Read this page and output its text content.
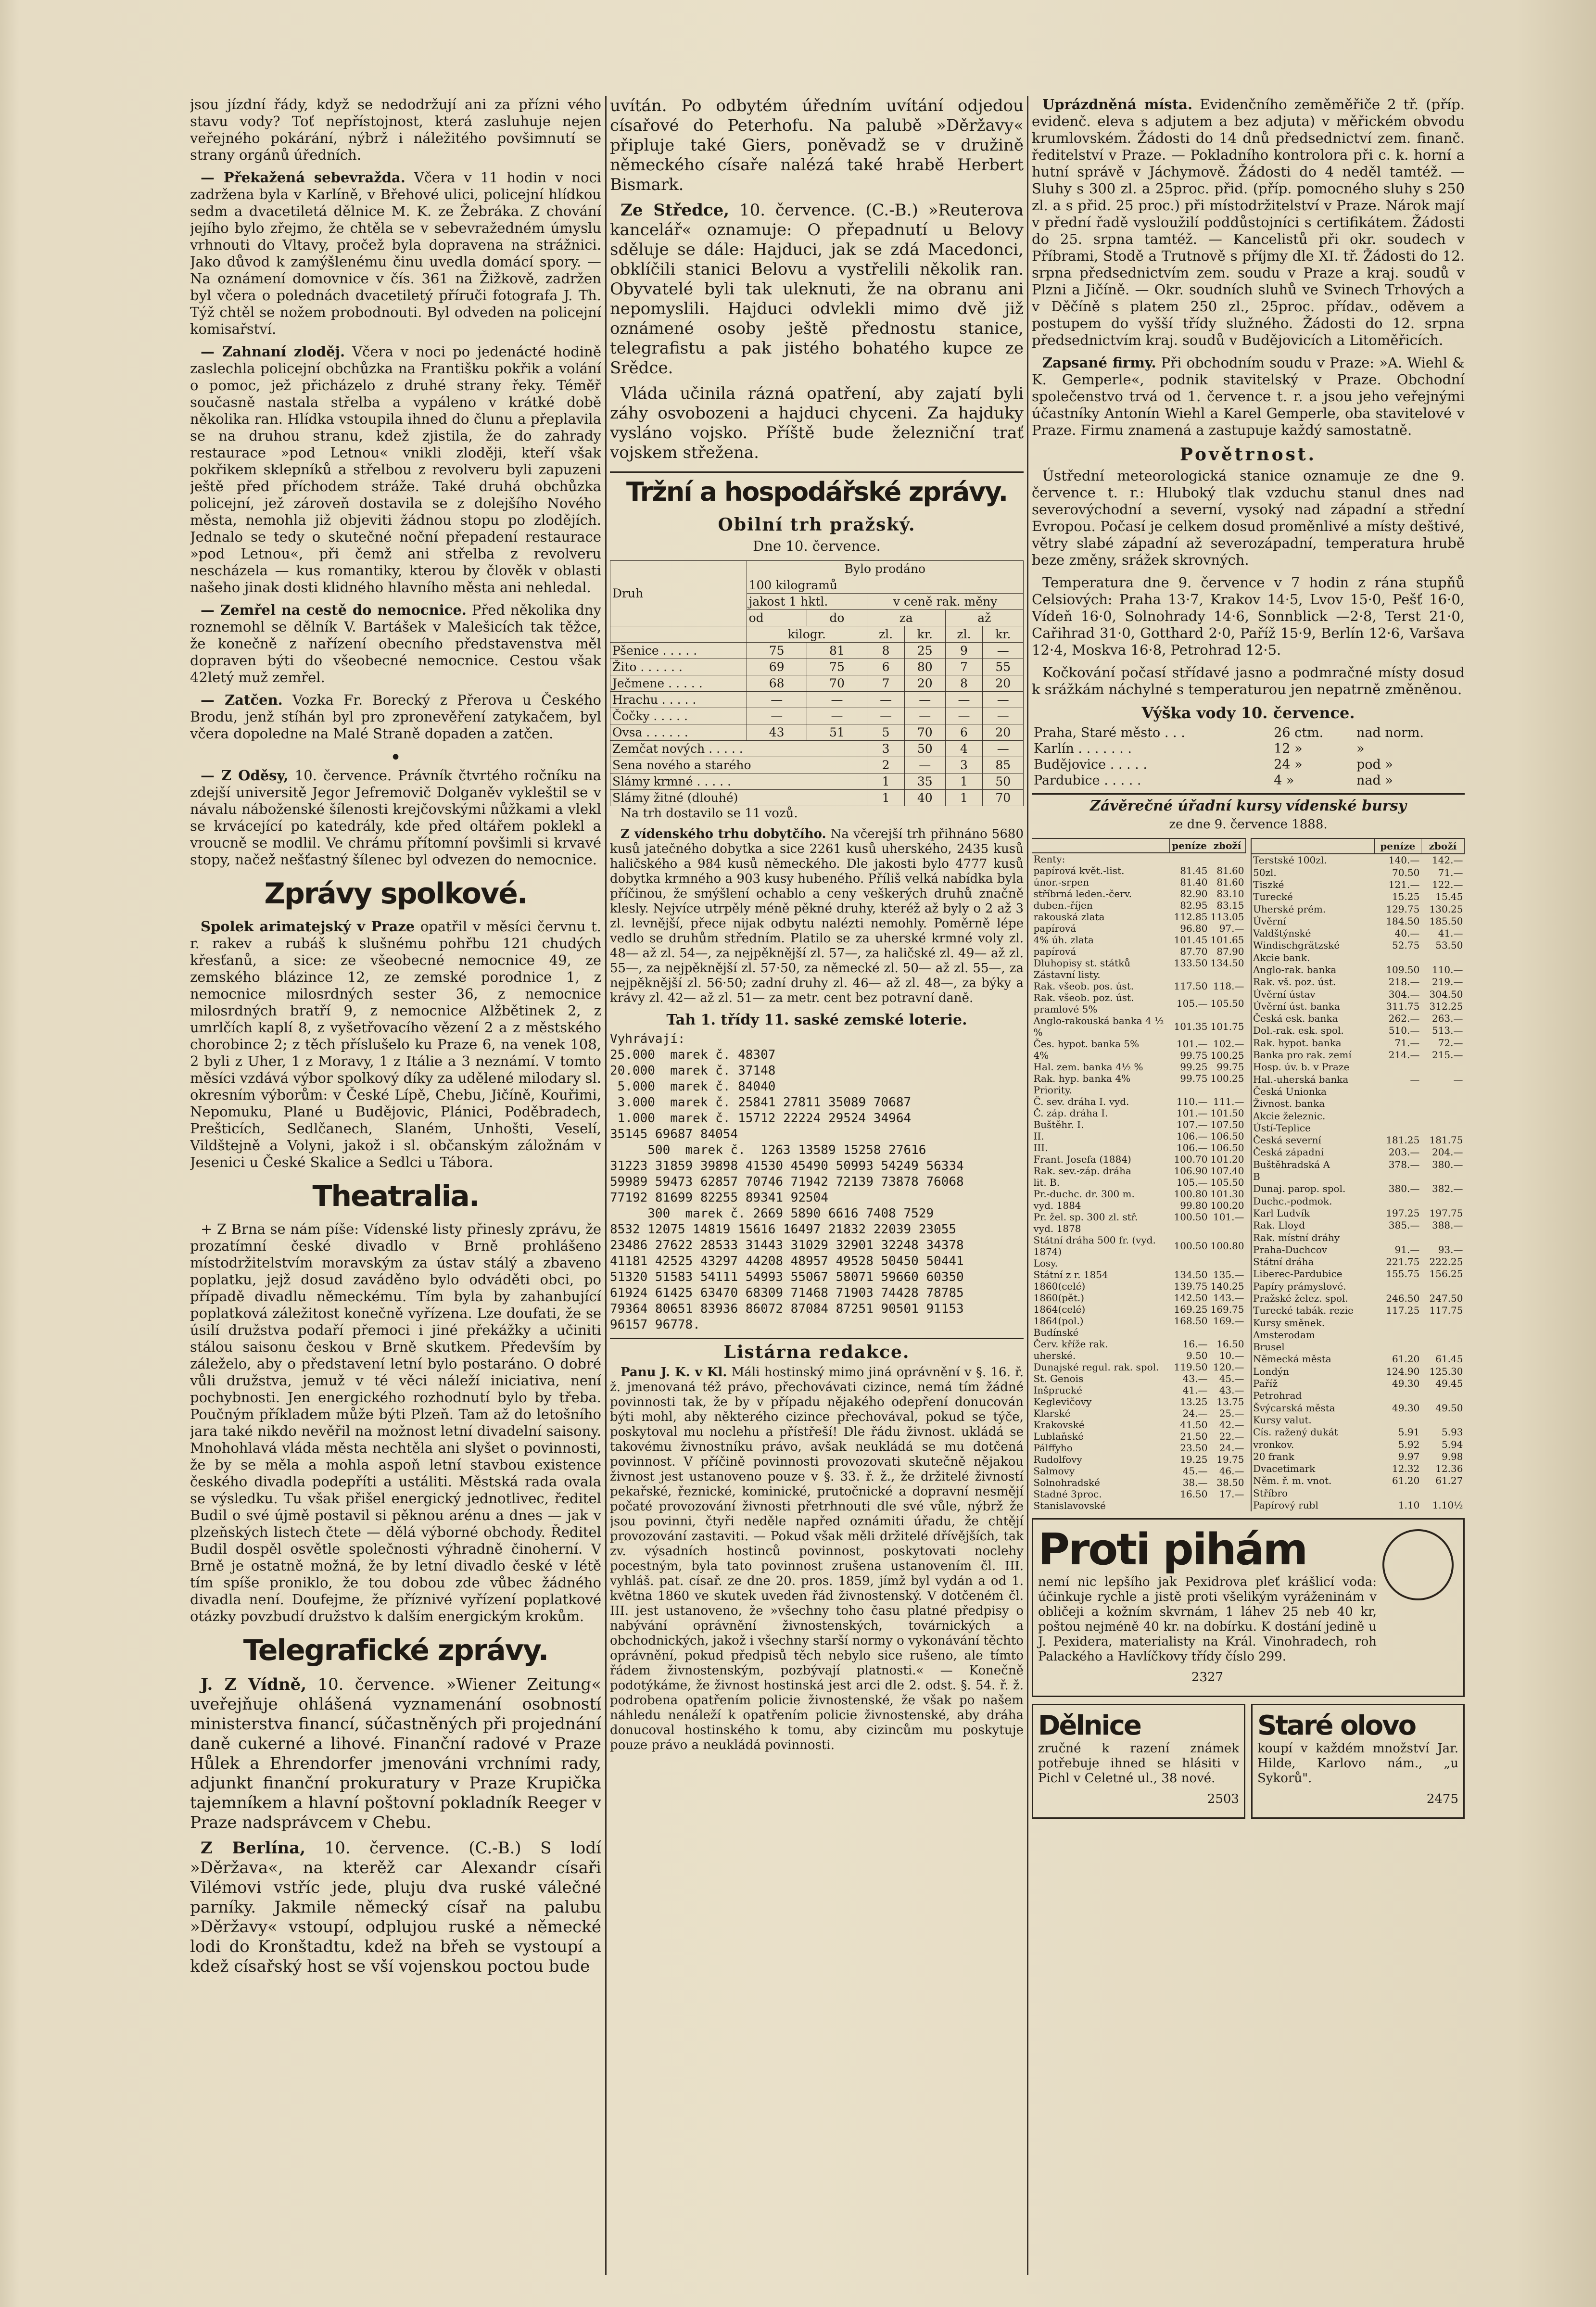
jsou jízdní řády, když se nedodržují ani za přízni vého stavu vody? Toť nepřístojnost, která zasluhuje nejen veřejného pokárání, nýbrž i náležitého povšimnutí se strany orgánů úředních.

— Překažená sebevražda. Včera v 11 hodin v noci zadržena byla v Karlíně, v Břehové ulici, policejní hlídkou sedm a dvacetiletá dělnice M. K. ze Žebráka. Z chování jejího bylo zřejmo, že chtěla se v sebevražedném úmyslu vrhnouti do Vltavy, pročež byla dopravena na strážnici. Jako důvod k zamýšlenému činu uvedla domácí spory. — Na oznámení domovnice v čís. 361 na Žižkově, zadržen byl včera o polednách dvacetiletý příruči fotografa J. Th. Týž chtěl se nožem probodnouti. Byl odveden na policejní komisařství.

— Zahnaní zloděj. Včera v noci po jedenácté hodině zaslechla policejní obchůzka na Františku pokřik a volání o pomoc, jež přicházelo z druhé strany řeky. Téměř současně nastala střelba a vypáleno v krátké době několika ran. Hlídka vstoupila ihned do člunu a přeplavila se na druhou stranu, kdež zjistila, že do zahrady restaurace »pod Letnou« vnikli zloději, kteří však pokřikem sklepníků a střelbou z revolveru byli zapuzeni ještě před příchodem stráže. Také druhá obchůzka policejní, jež zároveň dostavila se z dolejšího Nového města, nemohla již objeviti žádnou stopu po zlodějích. Jednalo se tedy o skutečné noční přepadení restaurace »pod Letnou«, při čemž ani střelba z revolveru nescházela — kus romantiky, kterou by člověk v oblasti našeho jinak dosti klidného hlavního města ani nehledal.

— Zemřel na cestě do nemocnice. Před několika dny roznemohl se dělník V. Bartášek v Malešicích tak těžce, že konečně z nařízení obecního představenstva měl dopraven býti do všeobecné nemocnice. Cestou však 42letý muž zemřel.

— Zatčen. Vozka Fr. Borecký z Přerova u Českého Brodu, jenž stíhán byl pro zpronevěření zatykačem, byl včera dopoledne na Malé Straně dopaden a zatčen.

•

— Z Oděsy, 10. července. Právník čtvrtého ročníku na zdejší universitě Jegor Jefremovič Dolganěv vykleštil se v návalu náboženské šílenosti krejčovskými nůžkami a vlekl se krvácející po katedrály, kde před oltářem poklekl a vroucně se modlil. Ve chrámu přítomní povšimli si krvavé stopy, načež nešťastný šílenec byl odvezen do nemocnice.

Zprávy spolkové.

Spolek arimatejský v Praze opatřil v měsíci červnu t. r. rakev a rubáš k slušnému pohřbu 121 chudých křesťanů, a sice: ze všeobecné nemocnice 49, ze zemského blázince 12, ze zemské porodnice 1, z nemocnice milosrdných sester 36, z nemocnice milosrdných bratří 9, z nemocnice Alžbětinek 2, z umrlčích kaplí 8, z vyšetřovacího vězení 2 a z městského chorobince 2; z těch příslušelo ku Praze 6, na venek 108, 2 byli z Uher, 1 z Moravy, 1 z Itálie a 3 neznámí. V tomto měsíci vzdává výbor spolkový díky za udělené milodary sl. okresním výborům: v České Lípě, Chebu, Jičíně, Kouřimi, Nepomuku, Plané u Budějovic, Plánici, Poděbradech, Prešticích, Sedlčanech, Slaném, Unhošti, Veselí, Vildštejně a Volyni, jakož i sl. občanským záložnám v Jesenici u České Skalice a Sedlci u Tábora.

Theatralia.

+ Z Brna se nám píše: Vídenské listy přinesly zprávu, že prozatímní české divadlo v Brně prohlášeno místodržitelstvím moravským za ústav stálý a zbaveno poplatku, jejž dosud zaváděno bylo odváděti obci, po případě divadlu německému. Tím byla by zahanbující poplatková záležitost konečně vyřízena. Lze doufati, že se úsilí družstva podaří přemoci i jiné překážky a učiniti stálou saisonu českou v Brně skutkem. Především by záleželo, aby o představení letní bylo postaráno. O dobré vůli družstva, jemuž v té věci náleží iniciativa, není pochybnosti. Jen energického rozhodnutí bylo by třeba. Poučným příkladem může býti Plzeň. Tam až do letošního jara také nikdo nevěřil na možnost letní divadelní saisony. Mnohohlavá vláda města nechtěla ani slyšet o povinnosti, že by se měla a mohla aspoň letní stavbou existence českého divadla podepříti a ustáliti. Městská rada ovala se výsledku. Tu však přišel energický jednotlivec, ředitel Budil o své újmě postavil si pěknou arénu a dnes — jak v plzeňských listech čtete — dělá výborné obchody. Ředitel Budil dospěl osvětle společnosti výhradně činoherní. V Brně je ostatně možná, že by letní divadlo české v létě tím spíše proniklo, že tou dobou zde vůbec žádného divadla není. Doufejme, že příznivé vyřízení poplatkové otázky povzbudí družstvo k dalším energickým krokům.

Telegrafické zprávy.

J. Z Vídně, 10. července. »Wiener Zeitung« uveřejňuje ohlášená vyznamenání osobností ministerstva financí, súčastněných při projednání daně cukerné a lihové. Finanční radové v Praze Hůlek a Ehrendorfer jmenováni vrchními rady, adjunkt finanční prokuratury v Praze Krupička tajemníkem a hlavní poštovní pokladník Reeger v Praze nadsprávcem v Chebu.

Z Berlína, 10. července. (C.-B.) S lodí »Děržava«, na kterěž car Alexandr císaři Vilémovi vstříc jede, pluju dva ruské válečné parníky. Jakmile německý císař na palubu »Děržavy« vstoupí, odplujou ruské a německé lodi do Kronštadtu, kdež na břeh se vystoupí a kdež císařský host se vší vojenskou poctou bude

uvítán. Po odbytém úředním uvítání odjedou císařové do Peterhofu. Na palubě »Děržavy« připluje také Giers, poněvadž se v družině německého císaře nalézá také hrabě Herbert Bismark.

Ze Středce, 10. července. (C.-B.) »Reuterova kancelář« oznamuje: O přepadnutí u Belovy sděluje se dále: Hajduci, jak se zdá Macedonci, obklíčili stanici Belovu a vystřelili několik ran. Obyvatelé byli tak uleknuti, že na obranu ani nepomyslili. Hajduci odvlekli mimo dvě již oznámené osoby ještě přednostu stanice, telegrafistu a pak jistého bohatého kupce ze Srědce.

Vláda učinila rázná opatření, aby zajatí byli záhy osvobozeni a hajduci chyceni. Za hajduky vysláno vojsko. Příště bude železniční trať vojskem střežena.

Tržní a hospodářské zprávy.
Obilní trh pražský.

Dne 10. července.

Druh	Bylo prodáno					
	100 kilogramů					
	jakost 1 hktl.		v ceně rak. měny			
	od	do	za		až	
	kilogr.		zl.	kr.	zl.	kr.
Pšenice . . . . .	75	81	8	25	9	—
Žito . . . . . .	69	75	6	80	7	55
Ječmene . . . . .	68	70	7	20	8	20
Hrachu . . . . .	—	—	—	—	—	—
Čočky . . . . .	—	—	—	—	—	—
Ovsa . . . . . .	43	51	5	70	6	20
Zemčat nových . . . . .			3	50	4	—
Sena nového a starého			2	—	3	85
Slámy krmné . . . . .			1	35	1	50
Slámy žitné (dlouhé)			1	40	1	70

Na trh dostavilo se 11 vozů.

Z vídenského trhu dobytčího. Na včerejší trh přihnáno 5680 kusů jatečného dobytka a sice 2261 kusů uherského, 2435 kusů haličského a 984 kusů německého. Dle jakosti bylo 4777 kusů dobytka krmného a 903 kusy hubeného. Příliš velká nabídka byla příčinou, že smýšlení ochablo a ceny veškerých druhů značně klesly. Nejvíce utrpěly méně pěkné druhy, kteréž až byly o 2 až 3 zl. levnější, přece nijak odbytu nalézti nemohly. Poměrně lépe vedlo se druhům středním. Platilo se za uherské krmné voly zl. 48— až zl. 54—, za nejpěknější zl. 57—, za haličské zl. 49— až zl. 55—, za nejpěknější zl. 57·50, za německé zl. 50— až zl. 55—, za nejpěknější zl. 56·50; zadní druhy zl. 46— až zl. 48—, za býky a krávy zl. 42— až zl. 51— za metr. cent bez potravní daně.

Tah 1. třídy 11. saské zemské loterie.
Vyhrávají:
25.000  marek č. 48307
20.000  marek č. 37148
5.000  marek č. 84040
3.000  marek č. 25841 27811 35089 70687
1.000  marek č. 15712 22224 29524 34964
35145 69687 84054
500  marek č.  1263 13589 15258 27616
31223 31859 39898 41530 45490 50993 54249 56334
59989 59473 62857 70746 71942 72139 73878 76068
77192 81699 82255 89341 92504
300  marek č. 2669 5890 6616 7408 7529
8532 12075 14819 15616 16497 21832 22039 23055
23486 27622 28533 31443 31029 32901 32248 34378
41181 42525 43297 44208 48957 49528 50450 50441
51320 51583 54111 54993 55067 58071 59660 60350
61924 61425 63470 68309 71468 71903 74428 78785
79364 80651 83936 86072 87084 87251 90501 91153
96157 96778.
Listárna redakce.

Panu J. K. v Kl. Máli hostinský mimo jiná oprávnění v §. 16. ř. ž. jmenovaná též právo, přechovávati cizince, nemá tím žádné povinnosti tak, že by v případu nějakého odepření donucován býti mohl, aby některého cizince přechovával, pokud se týče, poskytoval mu noclehu a přístřeší! Dle řádu živnost. ukládá se takovému živnostníku právo, avšak neukládá se mu dotčená povinnost. V příčině povinnosti provozovati skutečně nějakou živnost jest ustanoveno pouze v §. 33. ř. ž., že držitelé živností pekařské, řeznické, kominické, prutočnické a dopravní nesmějí počaté provozování živnosti přetrhnouti dle své vůle, nýbrž že jsou povinni, čtyři neděle napřed oznámiti úřadu, že chtějí provozování zastaviti. — Pokud však měli držitelé dřívějších, tak zv. výsadních hostinců povinnost, poskytovati noclehy pocestným, byla tato povinnost zrušena ustanovením čl. III. vyhláš. pat. císař. ze dne 20. pros. 1859, jímž byl vydán a od 1. května 1860 ve skutek uveden řád živnostenský. V dotčeném čl. III. jest ustanoveno, že »všechny toho času platné předpisy o nabývání oprávnění živnostenských, továrnických a obchodnických, jakož i všechny starší normy o vykonávání těchto oprávnění, pokud předpisů těch nebylo sice rušeno, ale tímto řádem živnostenským, pozbývají platnosti.« — Konečně podotýkáme, že živnost hostinská jest arci dle 2. odst. §. 54. ř. ž. podrobena opatřením policie živnostenské, že však po našem náhledu nenáleží k opatřením policie živnostenské, aby dráha donucoval hostinského k tomu, aby cizincům mu poskytuje pouze právo a neukládá povinnosti.

Uprázdněná místa. Evidenčního zeměměřiče 2 tř. (příp. evidenč. eleva s adjutem a bez adjuta) v měřickém obvodu krumlovském. Žádosti do 14 dnů předsednictví zem. finanč. ředitelství v Praze. — Pokladního kontrolora při c. k. horní a hutní správě v Jáchymově. Žádosti do 4 neděl tamtéž. — Sluhy s 300 zl. a 25proc. přid. (příp. pomocného sluhy s 250 zl. a s přid. 25 proc.) při místodržitelství v Praze. Nárok mají v přední řadě vysloužilí poddůstojníci s certifikátem. Žádosti do 25. srpna tamtéž. — Kancelistů při okr. soudech v Příbrami, Stodě a Trutnově s příjmy dle XI. tř. Žádosti do 12. srpna předsednictvím zem. soudu v Praze a kraj. soudů v Plzni a Jičíně. — Okr. soudních sluhů ve Svinech Trhových a v Děčíně s platem 250 zl., 25proc. přídav., oděvem a postupem do vyšší třídy služného. Žádosti do 12. srpna předsednictvím kraj. soudů v Budějovicích a Litoměřicích.

Zapsané firmy. Při obchodním soudu v Praze: »A. Wiehl & K. Gemperle«, podnik stavitelský v Praze. Obchodní společenstvo trvá od 1. července t. r. a jsou jeho veřejnými účastníky Antonín Wiehl a Karel Gemperle, oba stavitelové v Praze. Firmu znamená a zastupuje každý samostatně.

Povětrnost.

Ústřední meteorologická stanice oznamuje ze dne 9. července t. r.: Hluboký tlak vzduchu stanul dnes nad severovýchodní a severní, vysoký nad západní a střední Evropou. Počasí je celkem dosud proměnlivé a místy deštivé, větry slabé západní až severozápadní, temperatura hrubě beze změny, srážek skrovných.

Temperatura dne 9. července v 7 hodin z rána stupňů Celsiových: Praha 13·7, Krakov 14·5, Lvov 15·0, Pešť 16·0, Vídeň 16·0, Solnohrady 14·6, Sonnblick —2·8, Terst 21·0, Cařihrad 31·0, Gotthard 2·0, Paříž 15·9, Berlín 12·6, Varšava 12·4, Moskva 16·8, Petrohrad 12·5.

Kočkování počasí střídavé jasno a podmračné místy dosud k srážkám náchylné s temperaturou jen nepatrně změněnou.

Výška vody 10. července.
Praha, Staré město . . .	26 ctm.	nad norm.
Karlín . . . . . . .	12 »	»
Budějovice . . . . .	24 »	pod »
Pardubice . . . . .	4 »	nad »
Závěrečné úřadní kursy vídenské bursy

ze dne 9. července 1888.

	peníze	zboží
Renty:		
papírová květ.-list.	81.45	81.60
únor.-srpen	81.40	81.60
stříbrná leden.-červ.	82.90	83.10
duben.-říjen	82.95	83.15
rakouská zlata	112.85	113.05
papírová	96.80	97.—
4% úh. zlata	101.45	101.65
papírová	87.70	87.90
Dluhopisy st. státků	133.50	134.50
Zástavní listy.		
Rak. všeob. pos. úst.	117.50	118.—
Rak. všeob. poz. úst. pramlové 5%	105.—	105.50
Anglo-rakouská banka 4 ½ %	101.35	101.75
Čes. hypot. banka 5%	101.—	102.—
4%	99.75	100.25
Hal. zem. banka 4½ %	99.25	99.75
Rak. hyp. banka 4%	99.75	100.25
Priority.		
Č. sev. dráha I. vyd.	110.—	111.—
Č. záp. dráha I.	101.—	101.50
Buštěhr. I.	107.—	107.50
II.	106.—	106.50
III.	106.—	106.50
Frant. Josefa (1884)	100.70	101.20
Rak. sev.-záp. dráha	106.90	107.40
lit. B.	105.—	105.50
Pr.-duchc. dr. 300 m.	100.80	101.30
vyd. 1884	99.80	100.20
Pr. žel. sp. 300 zl. stř.	100.50	101.—
vyd. 1878		
Státní dráha 500 fr. (vyd. 1874)	100.50	100.80
Losy.		
Státní z r. 1854	134.50	135.—
1860(celé)	139.75	140.25
1860(pět.)	142.50	143.—
1864(celé)	169.25	169.75
1864(pol.)	168.50	169.—
Budínské		
Červ. kříže rak.	16.—	16.50
uherské.	9.50	10.—
Dunajské regul. rak. spol.	119.50	120.—
St. Genois	43.—	45.—
Inšprucké	41.—	43.—
Keglevičovy	13.25	13.75
Klarské	24.—	25.—
Krakovské	41.50	42.—
Lublaňské	21.50	22.—
Pálffyho	23.50	24.—
Rudolfovy	19.25	19.75
Salmovy	45.—	46.—
Solnohradské	38.—	38.50
Stadné 3proc.	16.50	17.—
Stanislavovské		
	peníze	zboží
Terstské 100zl.	140.—	142.—
50zl.	70.50	71.—
Tiszké	121.—	122.—
Turecké	15.25	15.45
Uherské prém.	129.75	130.25
Úvěrní	184.50	185.50
Valdštýnské	40.—	41.—
Windischgrätzské	52.75	53.50
Akcie bank.		
Anglo-rak. banka	109.50	110.—
Rak. vš. poz. úst.	218.—	219.—
Úvěrní ústav	304.—	304.50
Úvěrní úst. banka	311.75	312.25
Česká esk. banka	262.—	263.—
Dol.-rak. esk. spol.	510.—	513.—
Rak. hypot. banka	71.—	72.—
Banka pro rak. zemí	214.—	215.—
Hosp. úv. b. v Praze		
Hal.-uherská banka	—	—
Česká Unionka		
Živnost. banka		
Akcie železnic.		
Ústí-Teplice		
Česká severní	181.25	181.75
Česká západní	203.—	204.—
Buštěhradská A	378.—	380.—
B		
Dunaj. parop. spol.	380.—	382.—
Duchc.-podmok.		
Karl Ludvík	197.25	197.75
Rak. Lloyd	385.—	388.—
Rak. místní dráhy		
Praha-Duchcov	91.—	93.—
Státní dráha	221.75	222.25
Liberec-Pardubice	155.75	156.25
Papíry prámyslové.		
Pražské želez. spol.	246.50	247.50
Turecké tabák. rezie	117.25	117.75
Kursy směnek.		
Amsterodam		
Brusel		
Německá města	61.20	61.45
Londýn	124.90	125.30
Paříž	49.30	49.45
Petrohrad		
Švýcarská města	49.30	49.50
Kursy valut.		
Cís. ražený dukát	5.91	5.93
vronkov.	5.92	5.94
20 frank	9.97	9.98
Dvacetimark	12.32	12.36
Něm. ř. m. vnot.	61.20	61.27
Stříbro		
Papírový rubl	1.10	1.10½
Proti pihám

nemí nic lepšího jak Pexidrova pleť krášlicí voda: účinkuje rychle a jistě proti všelikým vyráženinám v obličeji a kožním skvrnám, 1 láhev 25 neb 40 kr, poštou nejméně 40 kr. na dobírku. K dostání jedině u J. Pexidera, materialisty na Král. Vinohradech, roh Palackého a Havlíčkovy třídy číslo 299.

2327

Dělnice

zručné k razení známek potřebuje ihned se hlásiti v Pichl v Celetné ul., 38 nové.

2503

Staré olovo

koupí v každém množství Jar. Hilde, Karlovo nám., „u Sykorů".

2475
